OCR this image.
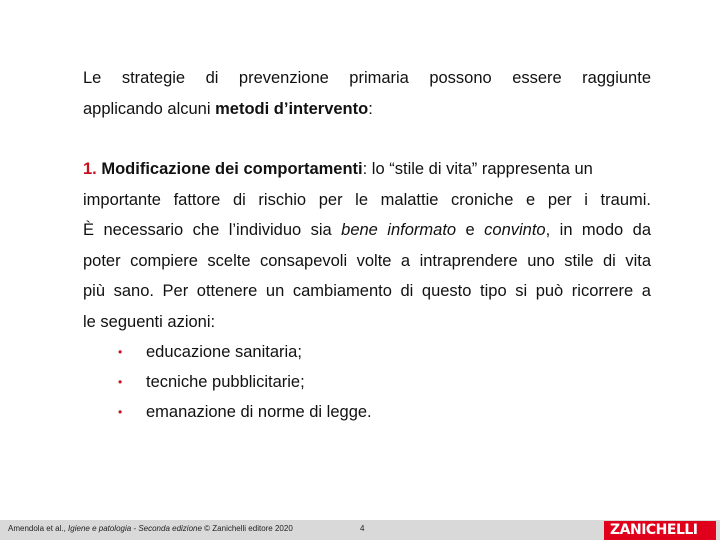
Le strategie di prevenzione primaria possono essere raggiunte
applicando alcuni metodi d’intervento:
1. Modificazione dei comportamenti: lo “stile di vita” rappresenta un
importante fattore di rischio per le malattie croniche e per i traumi.
È necessario che l’individuo sia bene informato e convinto, in modo da
poter compiere scelte consapevoli volte a intraprendere uno stile di vita
più sano. Per ottenere un cambiamento di questo tipo si può ricorrere a
le seguenti azioni:
• educazione sanitaria;
• tecniche pubblicitarie;
• emanazione di norme di legge.
Amendola et al., Igiene e patologia - Seconda edizione © Zanichelli editore 2020	4	ZANICHELLI
